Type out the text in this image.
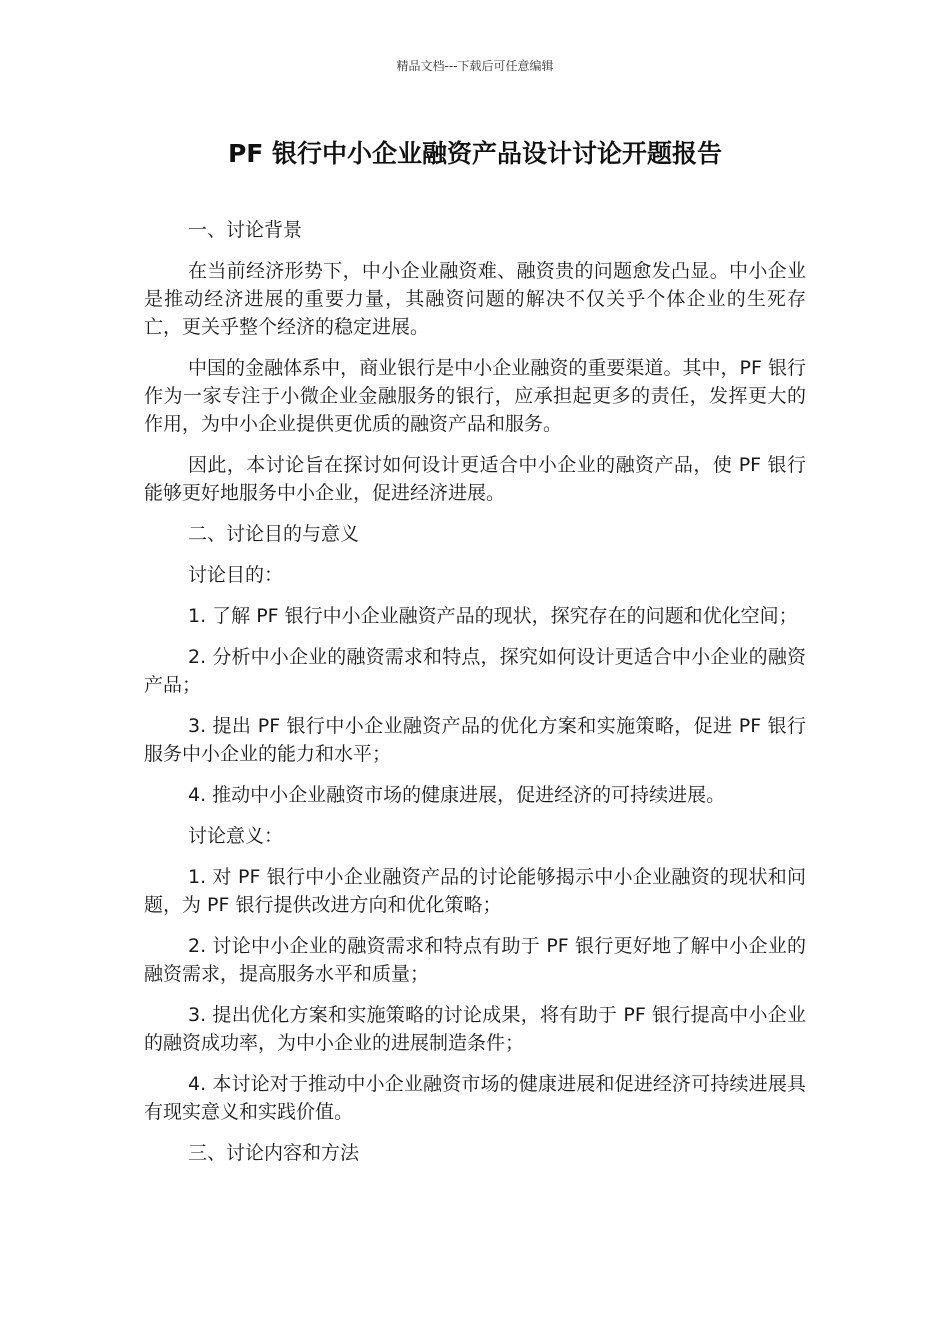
精品文档---下载后可任意编辑
PF 银行中小企业融资产品设计讨论开题报告

一、讨论背景

在当前经济形势下，中小企业融资难、融资贵的问题愈发凸显。中小企业是推动经济进展的重要力量，其融资问题的解决不仅关乎个体企业的生死存亡，更关乎整个经济的稳定进展。

中国的金融体系中，商业银行是中小企业融资的重要渠道。其中，PF 银行作为一家专注于小微企业金融服务的银行，应承担起更多的责任，发挥更大的作用，为中小企业提供更优质的融资产品和服务。

因此，本讨论旨在探讨如何设计更适合中小企业的融资产品，使 PF 银行能够更好地服务中小企业，促进经济进展。

二、讨论目的与意义

讨论目的：

1. 了解 PF 银行中小企业融资产品的现状，探究存在的问题和优化空间；

2. 分析中小企业的融资需求和特点，探究如何设计更适合中小企业的融资产品；

3. 提出 PF 银行中小企业融资产品的优化方案和实施策略，促进 PF 银行服务中小企业的能力和水平；

4. 推动中小企业融资市场的健康进展，促进经济的可持续进展。

讨论意义：

1. 对 PF 银行中小企业融资产品的讨论能够揭示中小企业融资的现状和问题，为 PF 银行提供改进方向和优化策略；

2. 讨论中小企业的融资需求和特点有助于 PF 银行更好地了解中小企业的融资需求，提高服务水平和质量；

3. 提出优化方案和实施策略的讨论成果，将有助于 PF 银行提高中小企业的融资成功率，为中小企业的进展制造条件；

4. 本讨论对于推动中小企业融资市场的健康进展和促进经济可持续进展具有现实意义和实践价值。

三、讨论内容和方法
